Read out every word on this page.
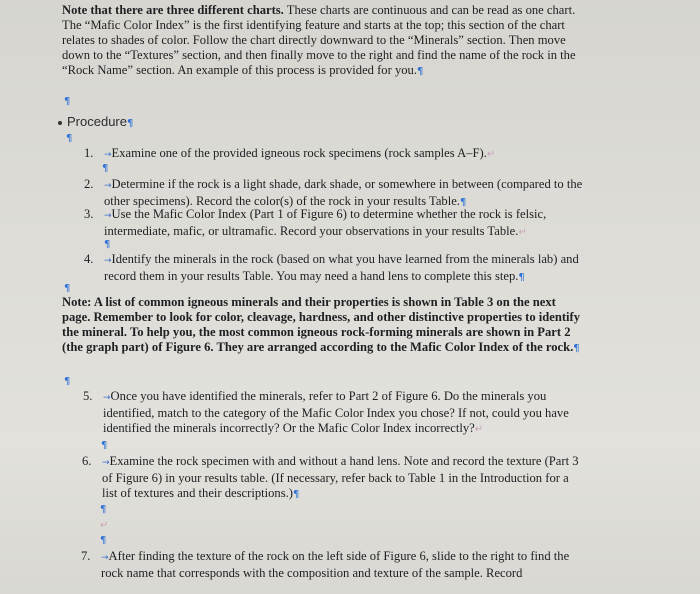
Note that there are three different charts. These charts are continuous and can be read as one chart. The “Mafic Color Index” is the first identifying feature and starts at the top; this section of the chart relates to shades of color. Follow the chart directly downward to the “Minerals” section. Then move down to the “Textures” section, and then finally move to the right and find the name of the rock in the “Rock Name” section. An example of this process is provided for you.¶
¶
Procedure¶
¶
1. →Examine one of the provided igneous rock specimens (rock samples A–F).↵
¶
2. →Determine if the rock is a light shade, dark shade, or somewhere in between (compared to the other specimens). Record the color(s) of the rock in your results Table.¶
3. →Use the Mafic Color Index (Part 1 of Figure 6) to determine whether the rock is felsic, intermediate, mafic, or ultramafic. Record your observations in your results Table.↵
¶
4. →Identify the minerals in the rock (based on what you have learned from the minerals lab) and record them in your results Table. You may need a hand lens to complete this step.¶
¶
Note: A list of common igneous minerals and their properties is shown in Table 3 on the next page. Remember to look for color, cleavage, hardness, and other distinctive properties to identify the mineral. To help you, the most common igneous rock-forming minerals are shown in Part 2 (the graph part) of Figure 6. They are arranged according to the Mafic Color Index of the rock.¶
¶
5. →Once you have identified the minerals, refer to Part 2 of Figure 6. Do the minerals you identified, match to the category of the Mafic Color Index you chose? If not, could you have identified the minerals incorrectly? Or the Mafic Color Index incorrectly?↵
¶
6. →Examine the rock specimen with and without a hand lens. Note and record the texture (Part 3 of Figure 6) in your results table. (If necessary, refer back to Table 1 in the Introduction for a list of textures and their descriptions.)¶
¶
↵
¶
7. →After finding the texture of the rock on the left side of Figure 6, slide to the right to find the rock name that corresponds with the composition and texture of the sample. Record
